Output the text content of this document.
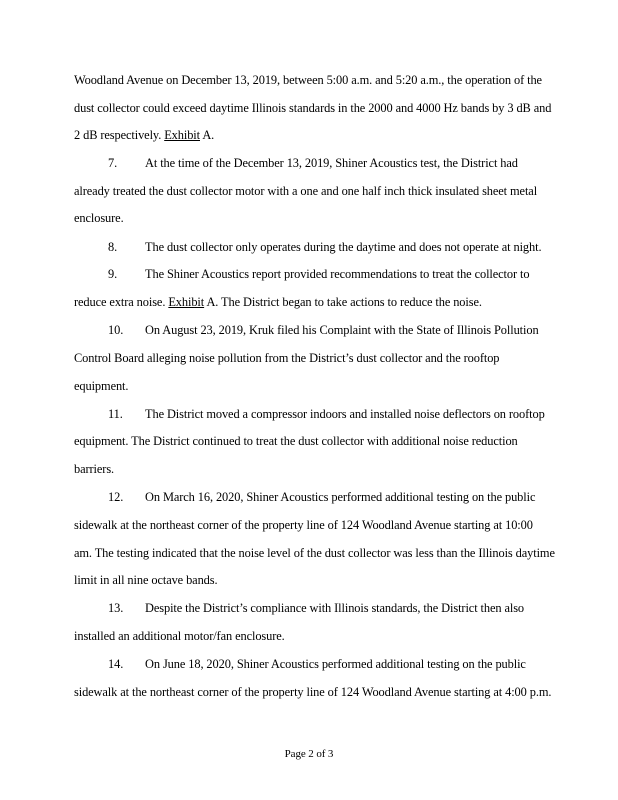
Woodland Avenue on December 13, 2019, between 5:00 a.m. and 5:20 a.m., the operation of the
dust collector could exceed daytime Illinois standards in the 2000 and 4000 Hz bands by 3 dB and
2 dB respectively. Exhibit A.
7. At the time of the December 13, 2019, Shiner Acoustics test, the District had
already treated the dust collector motor with a one and one half inch thick insulated sheet metal
enclosure.
8. The dust collector only operates during the daytime and does not operate at night.
9. The Shiner Acoustics report provided recommendations to treat the collector to
reduce extra noise. Exhibit A. The District began to take actions to reduce the noise.
10. On August 23, 2019, Kruk filed his Complaint with the State of Illinois Pollution
Control Board alleging noise pollution from the District’s dust collector and the rooftop
equipment.
11. The District moved a compressor indoors and installed noise deflectors on rooftop
equipment. The District continued to treat the dust collector with additional noise reduction
barriers.
12. On March 16, 2020, Shiner Acoustics performed additional testing on the public
sidewalk at the northeast corner of the property line of 124 Woodland Avenue starting at 10:00
am. The testing indicated that the noise level of the dust collector was less than the Illinois daytime
limit in all nine octave bands.
13. Despite the District’s compliance with Illinois standards, the District then also
installed an additional motor/fan enclosure.
14. On June 18, 2020, Shiner Acoustics performed additional testing on the public
sidewalk at the northeast corner of the property line of 124 Woodland Avenue starting at 4:00 p.m.
Page 2 of 3
